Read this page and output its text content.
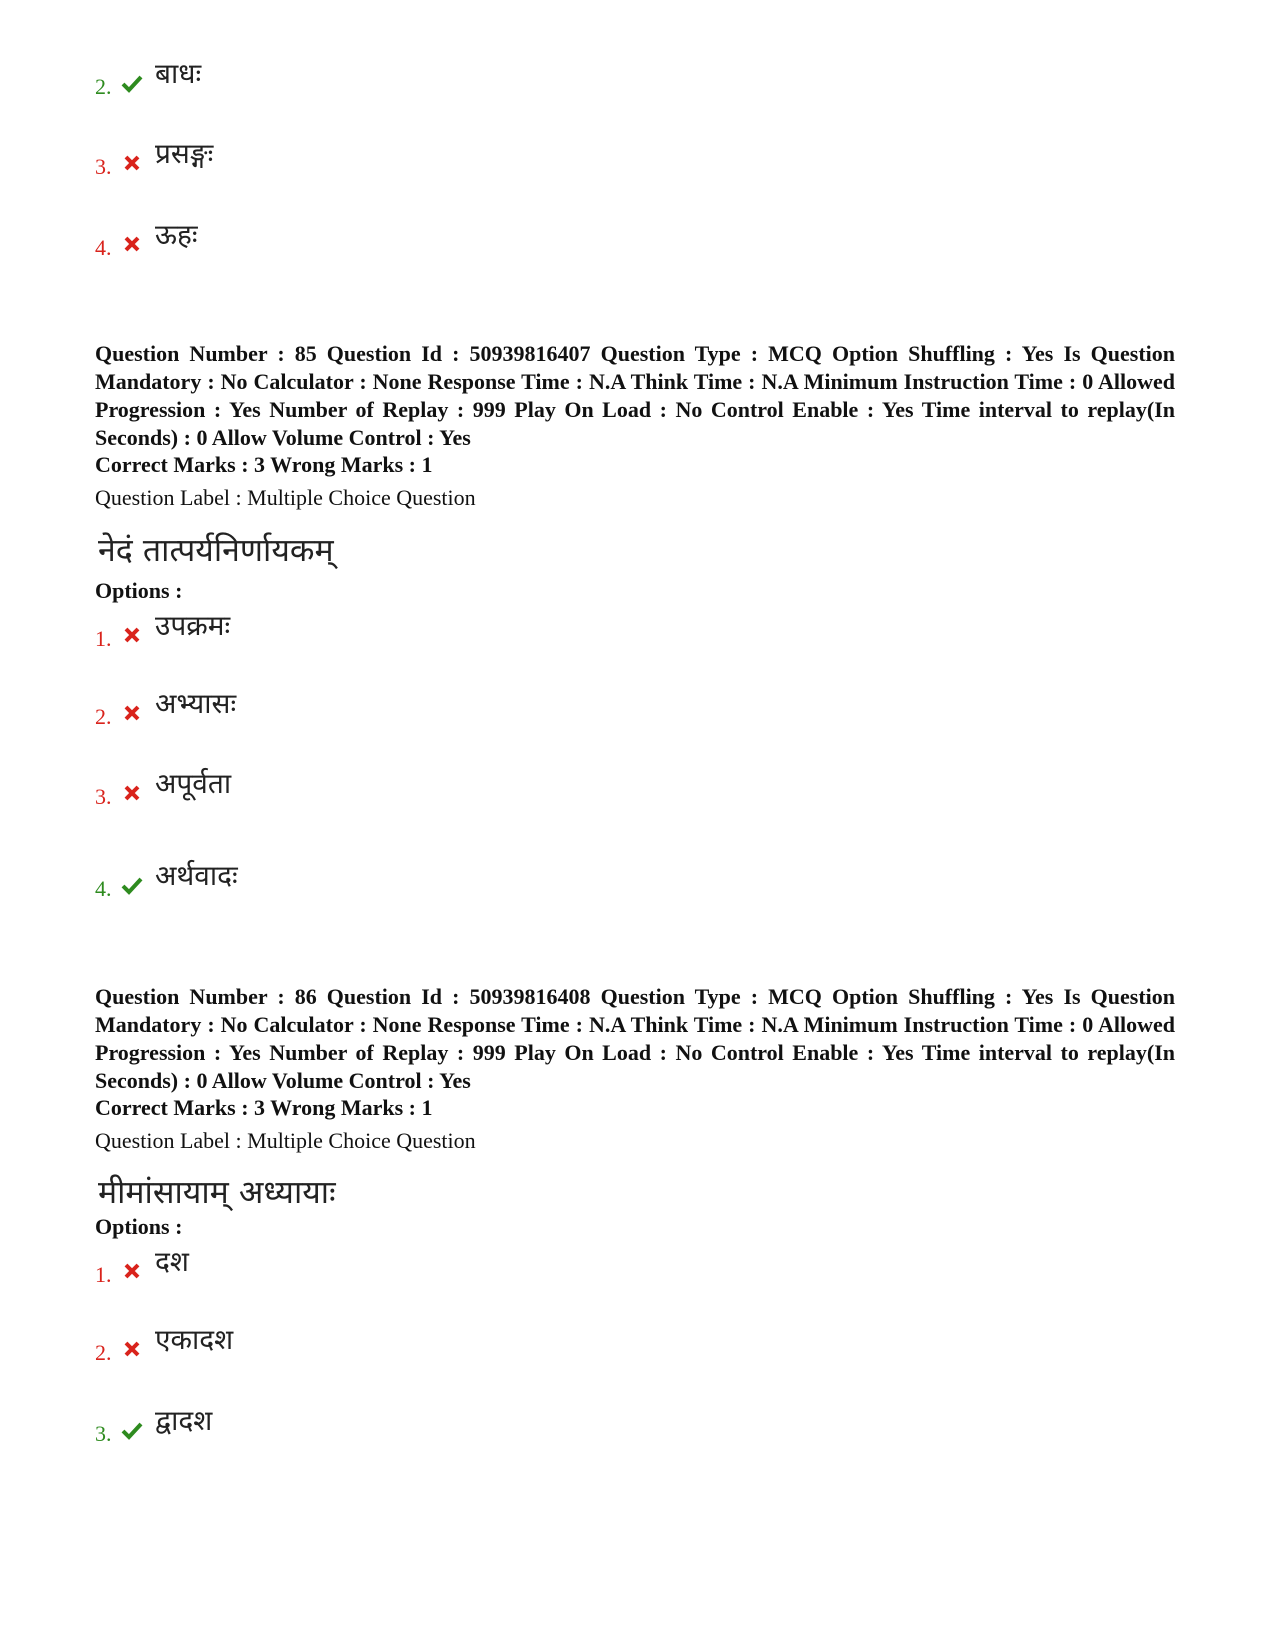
2.	बाधः
3.	प्रसङ्गः
4.	ऊहः
Question Number : 85 Question Id : 50939816407 Question Type : MCQ Option Shuffling : Yes Is Question Mandatory : No Calculator : None Response Time : N.A Think Time : N.A Minimum Instruction Time : 0 Allowed Progression : Yes Number of Replay : 999 Play On Load : No Control Enable : Yes Time interval to replay(In Seconds) : 0 Allow Volume Control : Yes
Correct Marks : 3 Wrong Marks : 1
Question Label : Multiple Choice Question
नेदं तात्पर्यनिर्णायकम्
Options :
1.	उपक्रमः
2.	अभ्यासः
3.	अपूर्वता
4.	अर्थवादः
Question Number : 86 Question Id : 50939816408 Question Type : MCQ Option Shuffling : Yes Is Question Mandatory : No Calculator : None Response Time : N.A Think Time : N.A Minimum Instruction Time : 0 Allowed Progression : Yes Number of Replay : 999 Play On Load : No Control Enable : Yes Time interval to replay(In Seconds) : 0 Allow Volume Control : Yes
Correct Marks : 3 Wrong Marks : 1
Question Label : Multiple Choice Question
मीमांसायाम् अध्यायाः
Options :
1.	दश
2.	एकादश
3.	द्वादश
